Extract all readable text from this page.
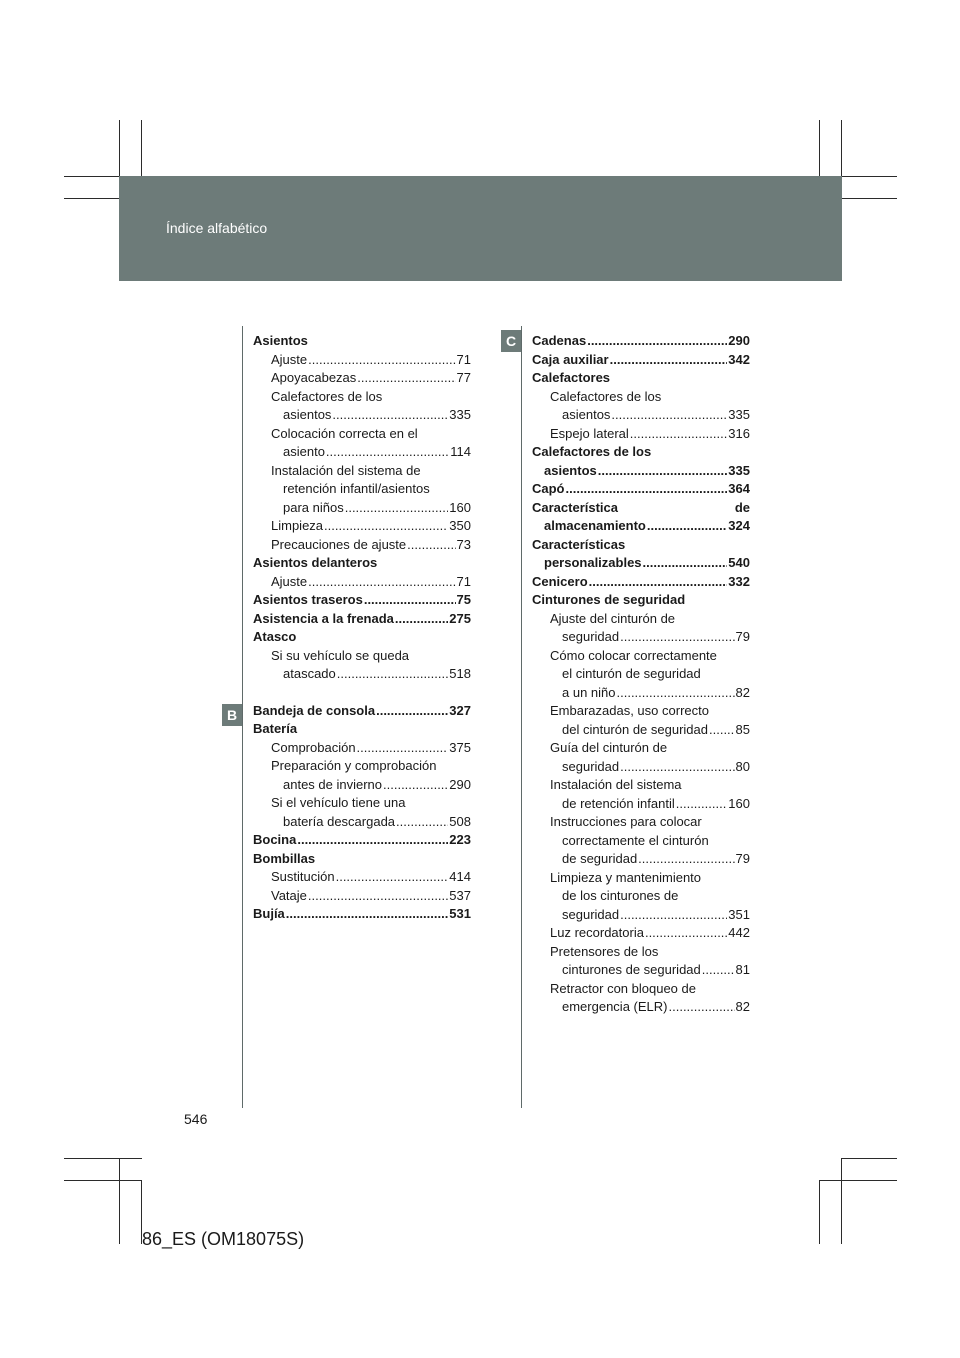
Índice alfabético
B
C
Asientos
Ajuste .....	71
Apoyacabezas .....	77
Calefactores de los
asientos .....	335
Colocación correcta en el
asiento .....	114
Instalación del sistema de
retención infantil/asientos
para niños .....	160
Limpieza .....	350
Precauciones de ajuste .....	73
Asientos delanteros
Ajuste .....	71
Asientos traseros .....	75
Asistencia a la frenada .....	275
Atasco
Si su vehículo se queda
atascado .....	518
Bandeja de consola .....	327
Batería
Comprobación .....	375
Preparación y comprobación
antes de invierno .....	290
Si el vehículo tiene una
batería descargada .....	508
Bocina .....	223
Bombillas
Sustitución .....	414
Vataje .....	537
Bujía .....	531
Cadenas .....	290
Caja auxiliar .....	342
Calefactores
Calefactores de los
asientos .....	335
Espejo lateral .....	316
Calefactores de los
asientos .....	335
Capó .....	364
Característica	de
almacenamiento .....	324
Características
personalizables .....	540
Cenicero .....	332
Cinturones de seguridad
Ajuste del cinturón de
seguridad .....	79
Cómo colocar correctamente
el cinturón de seguridad
a un niño .....	82
Embarazadas, uso correcto
del cinturón de seguridad ..... 85
Guía del cinturón de
seguridad .....	80
Instalación del sistema
de retención infantil .....	160
Instrucciones para colocar
correctamente el cinturón
de seguridad .....	79
Limpieza y mantenimiento
de los cinturones de
seguridad .....	351
Luz recordatoria .....	442
Pretensores de los
cinturones de seguridad .....	81
Retractor con bloqueo de
emergencia (ELR) .....	82
546
86_ES (OM18075S)
